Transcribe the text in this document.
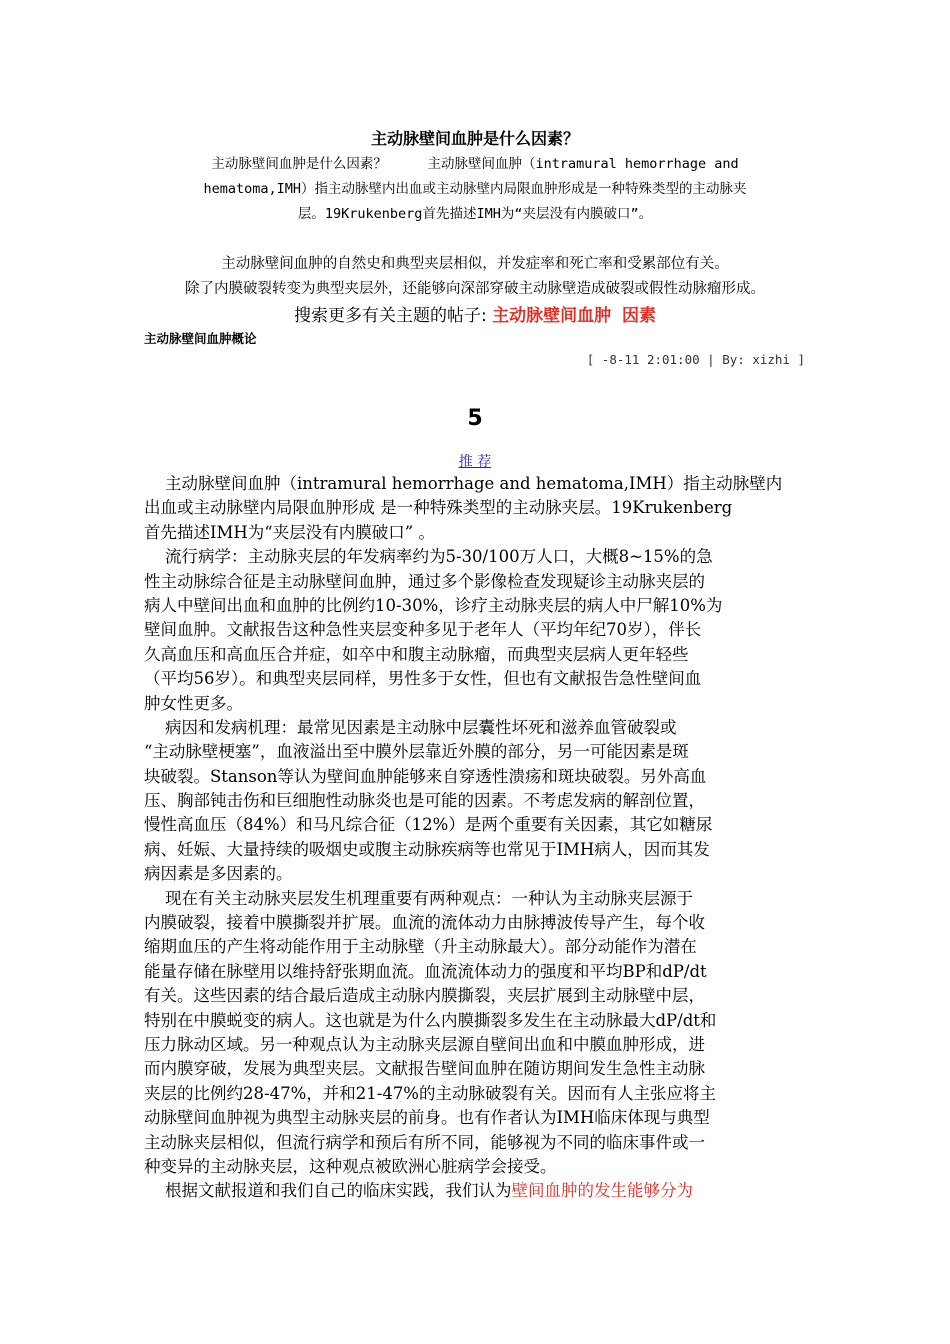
主动脉壁间血肿是什么因素？
主动脉壁间血肿是什么因素？     主动脉壁间血肿（intramural hemorrhage and
hematoma,IMH）指主动脉壁内出血或主动脉壁内局限血肿形成是一种特殊类型的主动脉夹
层。19Krukenberg首先描述IMH为“夹层没有内膜破口”。
主动脉壁间血肿的自然史和典型夹层相似，并发症率和死亡率和受累部位有关。
除了内膜破裂转变为典型夹层外，还能够向深部穿破主动脉壁造成破裂或假性动脉瘤形成。
搜索更多有关主题的帖子: 主动脉壁间血肿 因素
主动脉壁间血肿概论
[ -8-11 2:01:00 | By: xizhi ]
5
推 荐
主动脉壁间血肿（intramural hemorrhage and hematoma,IMH）指主动脉壁内
出血或主动脉壁内局限血肿形成 是一种特殊类型的主动脉夹层。19Krukenberg
首先描述IMH为“夹层没有内膜破口” 。
流行病学：主动脉夹层的年发病率约为5-30/100万人口，大概8~15%的急
性主动脉综合征是主动脉壁间血肿，通过多个影像检查发现疑诊主动脉夹层的
病人中壁间出血和血肿的比例约10-30%，诊疗主动脉夹层的病人中尸解10%为
壁间血肿。文献报告这种急性夹层变种多见于老年人（平均年纪70岁），伴长
久高血压和高血压合并症，如卒中和腹主动脉瘤，而典型夹层病人更年轻些
（平均56岁）。和典型夹层同样，男性多于女性，但也有文献报告急性壁间血
肿女性更多。
病因和发病机理：最常见因素是主动脉中层囊性坏死和滋养血管破裂或
“主动脉壁梗塞”，血液溢出至中膜外层靠近外膜的部分，另一可能因素是斑
块破裂。Stanson等认为壁间血肿能够来自穿透性溃疡和斑块破裂。另外高血
压、胸部钝击伤和巨细胞性动脉炎也是可能的因素。不考虑发病的解剖位置，
慢性高血压（84%）和马凡综合征（12%）是两个重要有关因素，其它如糖尿
病、妊娠、大量持续的吸烟史或腹主动脉疾病等也常见于IMH病人，因而其发
病因素是多因素的。
现在有关主动脉夹层发生机理重要有两种观点：一种认为主动脉夹层源于
内膜破裂，接着中膜撕裂并扩展。血流的流体动力由脉搏波传导产生，每个收
缩期血压的产生将动能作用于主动脉壁（升主动脉最大）。部分动能作为潜在
能量存储在脉壁用以维持舒张期血流。血流流体动力的强度和平均BP和dP/dt
有关。这些因素的结合最后造成主动脉内膜撕裂，夹层扩展到主动脉壁中层，
特别在中膜蜕变的病人。这也就是为什么内膜撕裂多发生在主动脉最大dP/dt和
压力脉动区域。另一种观点认为主动脉夹层源自壁间出血和中膜血肿形成，进
而内膜穿破，发展为典型夹层。文献报告壁间血肿在随访期间发生急性主动脉
夹层的比例约28-47%，并和21-47%的主动脉破裂有关。因而有人主张应将主
动脉壁间血肿视为典型主动脉夹层的前身。也有作者认为IMH临床体现与典型
主动脉夹层相似，但流行病学和预后有所不同，能够视为不同的临床事件或一
种变异的主动脉夹层，这种观点被欧洲心脏病学会接受。
根据文献报道和我们自己的临床实践，我们认为壁间血肿的发生能够分为
